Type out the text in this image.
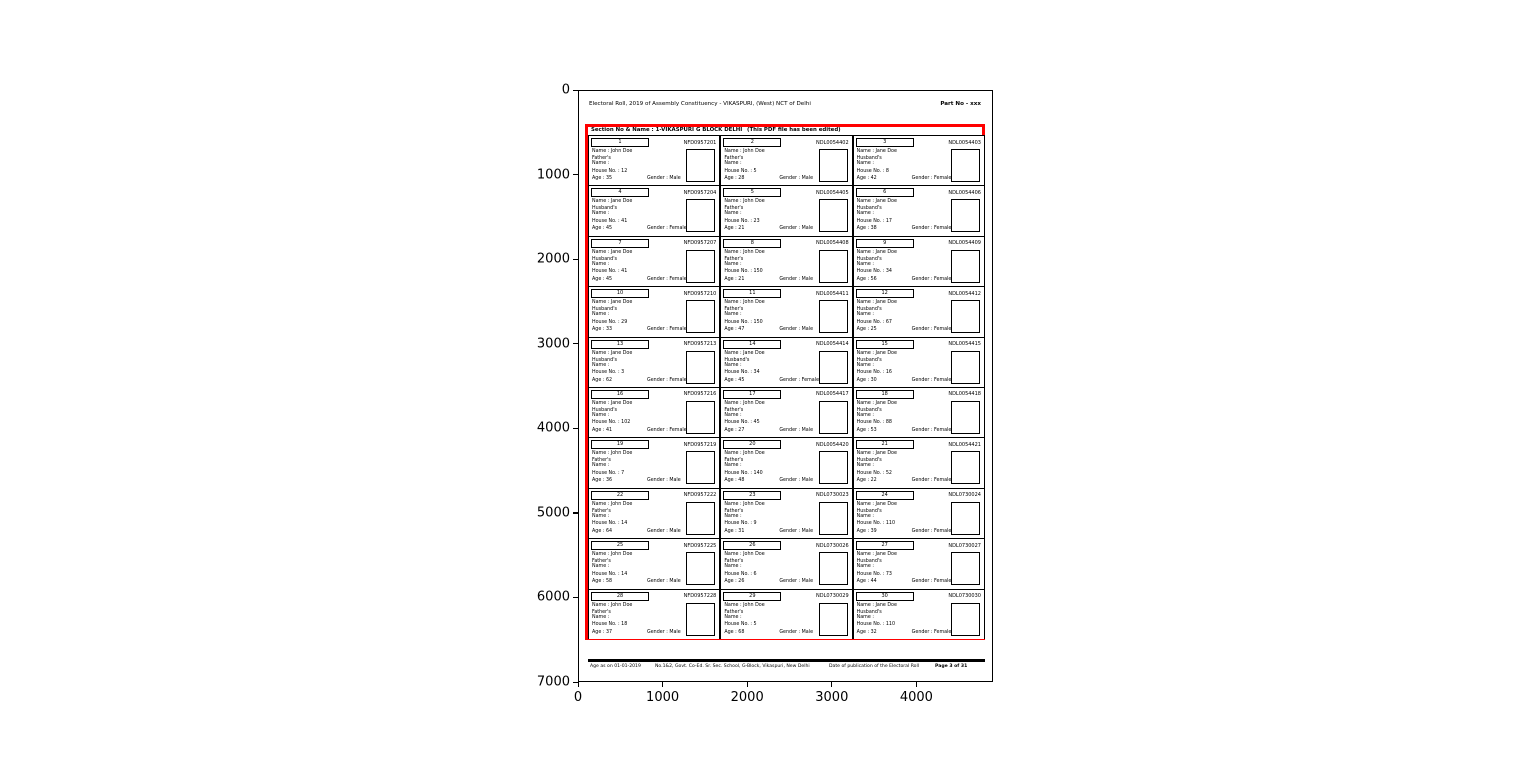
0
1000
2000
3000
4000
5000
6000
7000
0	1000	2000	3000	4000
Electoral Roll, 2019 of Assembly Constituency - VIKASPURI, (West) NCT of Delhi	Part No - xxx
Section No & Name : 1-VIKASPURI G BLOCK DELHI (This PDF file has been edited)
1	NFD0957201
Name : John Doe
Father's
Name :
House No. : 12
Age : 35	Gender : Male
2	NDL0054402
Name : John Doe
Father's
Name :
House No. : 5
Age : 28	Gender : Male
3	NDL0054403
Name : Jane Doe
Husband's
Name :
House No. : 8
Age : 42	Gender : Female
4	NFD0957204
Name : Jane Doe
Husband's
Name :
House No. : 41
Age : 45	Gender : Female
5	NDL0054405
Name : John Doe
Father's
Name :
House No. : 23
Age : 21	Gender : Male
6	NDL0054406
Name : Jane Doe
Husband's
Name :
House No. : 17
Age : 38	Gender : Female
7	NFD0957207
Name : Jane Doe
Husband's
Name :
House No. : 41
Age : 45	Gender : Female
8	NDL0054408
Name : John Doe
Father's
Name :
House No. : 150
Age : 21	Gender : Male
9	NDL0054409
Name : Jane Doe
Husband's
Name :
House No. : 34
Age : 56	Gender : Female
10	NFD0957210
Name : Jane Doe
Husband's
Name :
House No. : 29
Age : 33	Gender : Female
11	NDL0054411
Name : John Doe
Father's
Name :
House No. : 150
Age : 47	Gender : Male
12	NDL0054412
Name : Jane Doe
Husband's
Name :
House No. : 67
Age : 25	Gender : Female
13	NFD0957213
Name : Jane Doe
Husband's
Name :
House No. : 3
Age : 62	Gender : Female
14	NDL0054414
Name : Jane Doe
Husband's
Name :
House No. : 34
Age : 45	Gender : Female
15	NDL0054415
Name : Jane Doe
Husband's
Name :
House No. : 16
Age : 30	Gender : Female
16	NFD0957216
Name : Jane Doe
Husband's
Name :
House No. : 102
Age : 41	Gender : Female
17	NDL0054417
Name : John Doe
Father's
Name :
House No. : 45
Age : 27	Gender : Male
18	NDL0054418
Name : Jane Doe
Husband's
Name :
House No. : 88
Age : 53	Gender : Female
19	NFD0957219
Name : John Doe
Father's
Name :
House No. : 7
Age : 36	Gender : Male
20	NDL0054420
Name : John Doe
Father's
Name :
House No. : 140
Age : 48	Gender : Male
21	NDL0054421
Name : Jane Doe
Husband's
Name :
House No. : 52
Age : 22	Gender : Female
22	NFD0957222
Name : John Doe
Father's
Name :
House No. : 14
Age : 64	Gender : Male
23	NDL0730023
Name : John Doe
Father's
Name :
House No. : 9
Age : 31	Gender : Male
24	NDL0730024
Name : Jane Doe
Husband's
Name :
House No. : 110
Age : 39	Gender : Female
25	NFD0957225
Name : John Doe
Father's
Name :
House No. : 14
Age : 58	Gender : Male
26	NDL0730026
Name : John Doe
Father's
Name :
House No. : 6
Age : 26	Gender : Male
27	NDL0730027
Name : Jane Doe
Husband's
Name :
House No. : 73
Age : 44	Gender : Female
28	NFD0957228
Name : John Doe
Father's
Name :
House No. : 18
Age : 37	Gender : Male
29	NDL0730029
Name : John Doe
Father's
Name :
House No. : 5
Age : 68	Gender : Male
30	NDL0730030
Name : Jane Doe
Husband's
Name :
House No. : 110
Age : 32	Gender : Female
Age as on 01-01-2019	No.1&2, Govt. Co-Ed. Sr. Sec. School, G-Block, Vikaspuri, New Delhi	Date of publication of the Electoral Roll	Page 3 of 31
